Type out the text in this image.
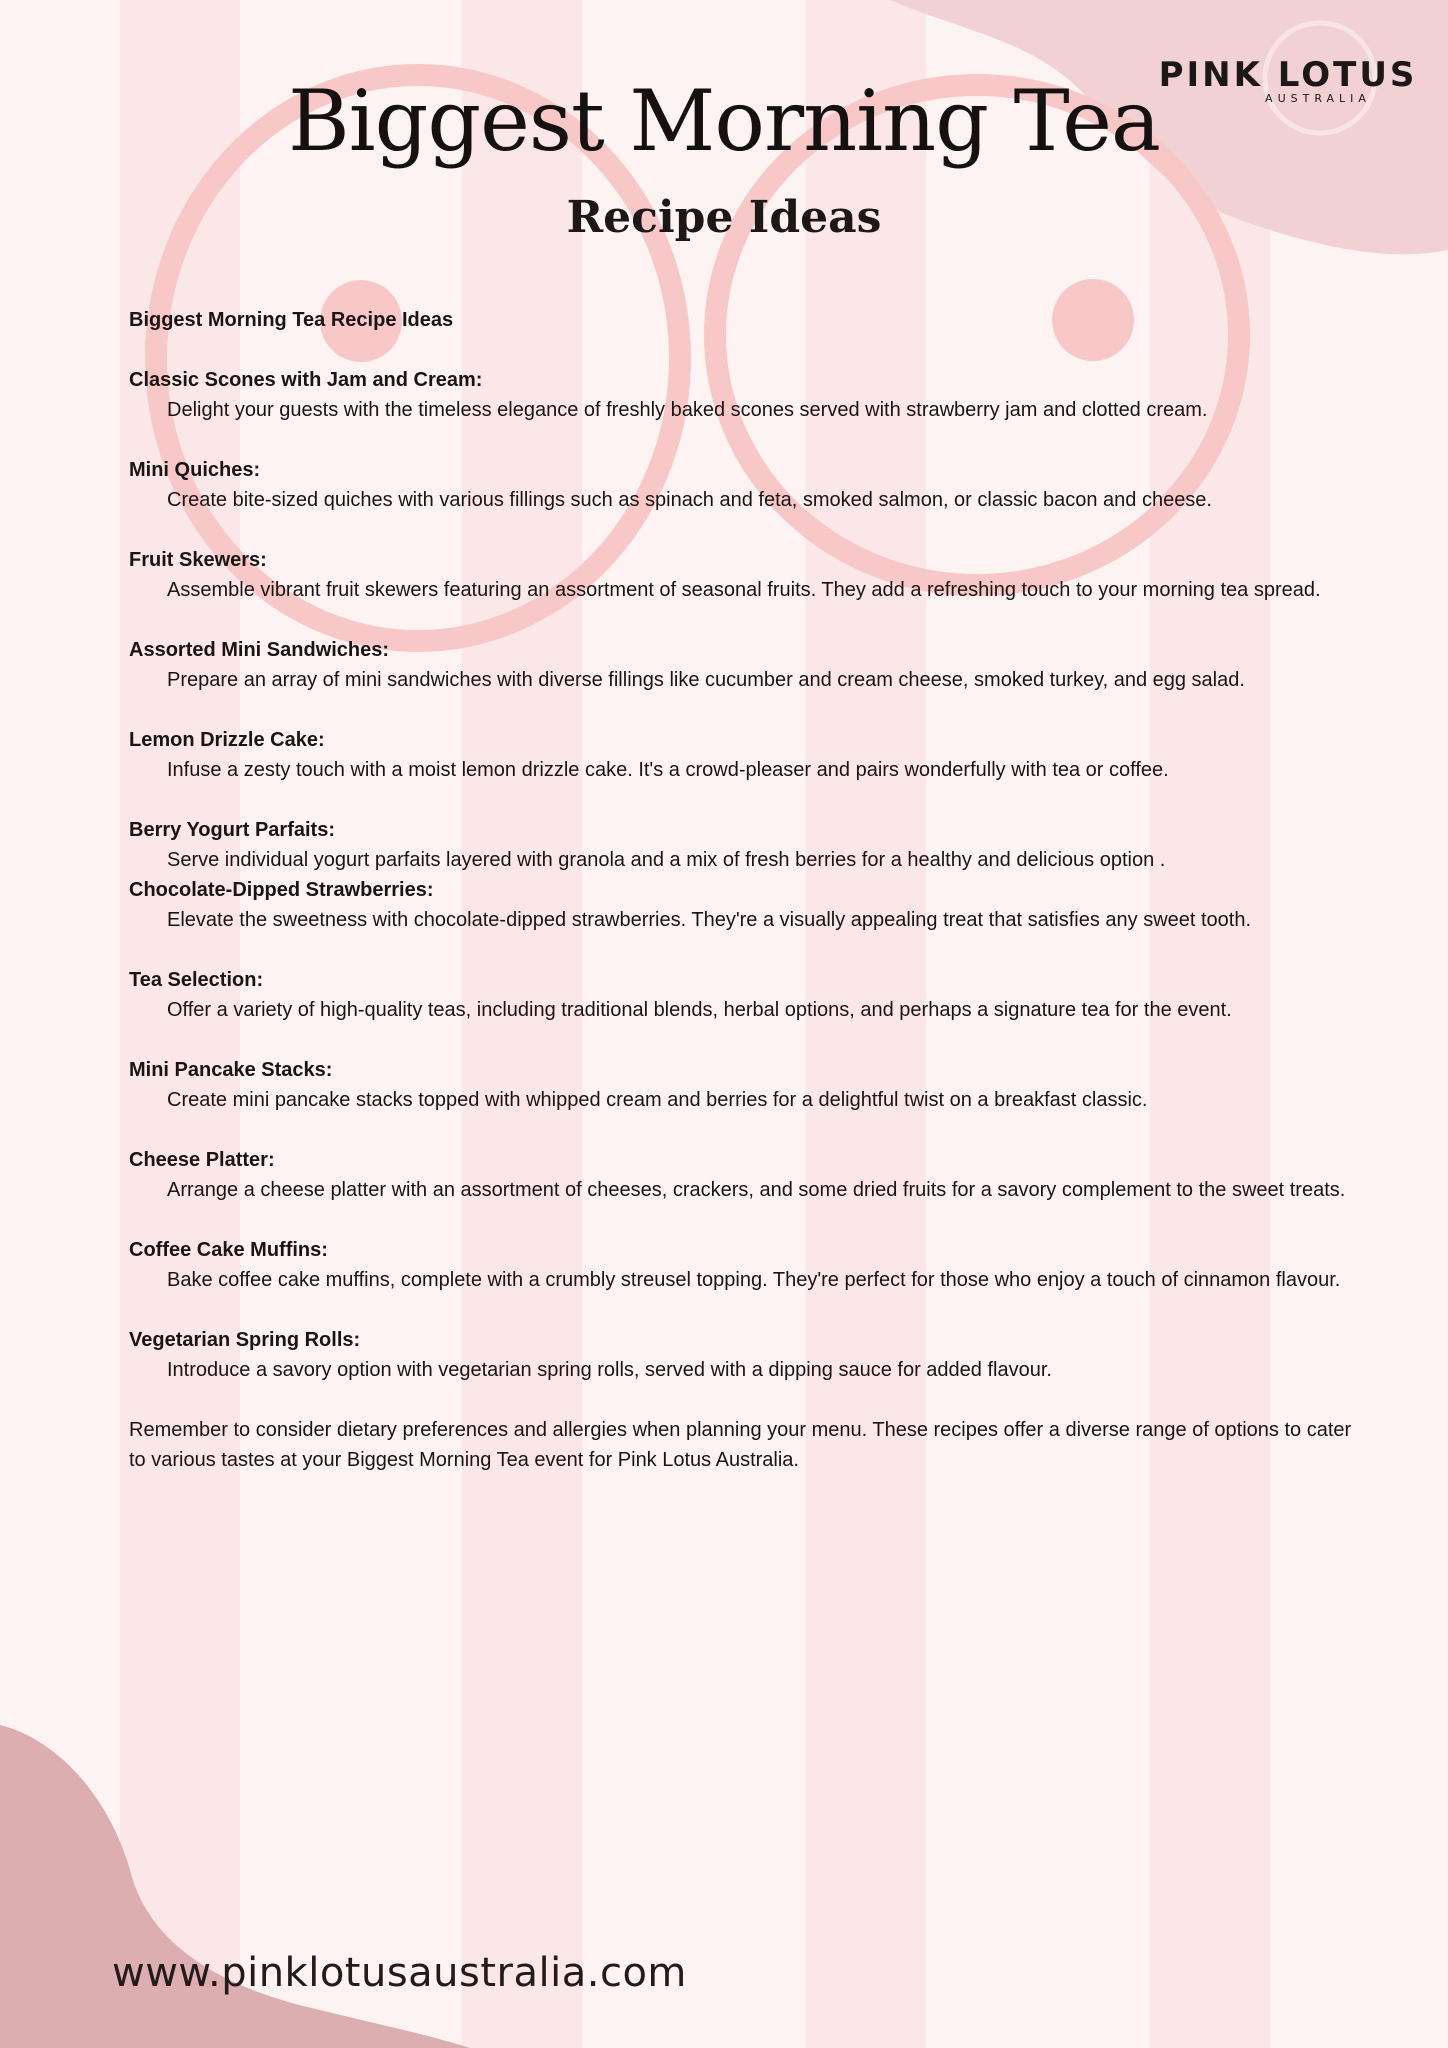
PINK LOTUS
AUSTRALIA
Biggest Morning Tea
Recipe Ideas
Biggest Morning Tea Recipe Ideas
Classic Scones with Jam and Cream:
Delight your guests with the timeless elegance of freshly baked scones served with strawberry jam and clotted cream.
Mini Quiches:
Create bite-sized quiches with various fillings such as spinach and feta, smoked salmon, or classic bacon and cheese.
Fruit Skewers:
Assemble vibrant fruit skewers featuring an assortment of seasonal fruits. They add a refreshing touch to your morning tea spread.
Assorted Mini Sandwiches:
Prepare an array of mini sandwiches with diverse fillings like cucumber and cream cheese, smoked turkey, and egg salad.
Lemon Drizzle Cake:
Infuse a zesty touch with a moist lemon drizzle cake. It's a crowd-pleaser and pairs wonderfully with tea or coffee.
Berry Yogurt Parfaits:
Serve individual yogurt parfaits layered with granola and a mix of fresh berries for a healthy and delicious option .
Chocolate-Dipped Strawberries:
Elevate the sweetness with chocolate-dipped strawberries. They're a visually appealing treat that satisfies any sweet tooth.
Tea Selection:
Offer a variety of high-quality teas, including traditional blends, herbal options, and perhaps a signature tea for the event.
Mini Pancake Stacks:
Create mini pancake stacks topped with whipped cream and berries for a delightful twist on a breakfast classic.
Cheese Platter:
Arrange a cheese platter with an assortment of cheeses, crackers, and some dried fruits for a savory complement to the sweet treats.
Coffee Cake Muffins:
Bake coffee cake muffins, complete with a crumbly streusel topping. They're perfect for those who enjoy a touch of cinnamon flavour.
Vegetarian Spring Rolls:
Introduce a savory option with vegetarian spring rolls, served with a dipping sauce for added flavour.
Remember to consider dietary preferences and allergies when planning your menu. These recipes offer a diverse range of options to cater to various tastes at your Biggest Morning Tea event for Pink Lotus Australia.
www.pinklotusaustralia.com
